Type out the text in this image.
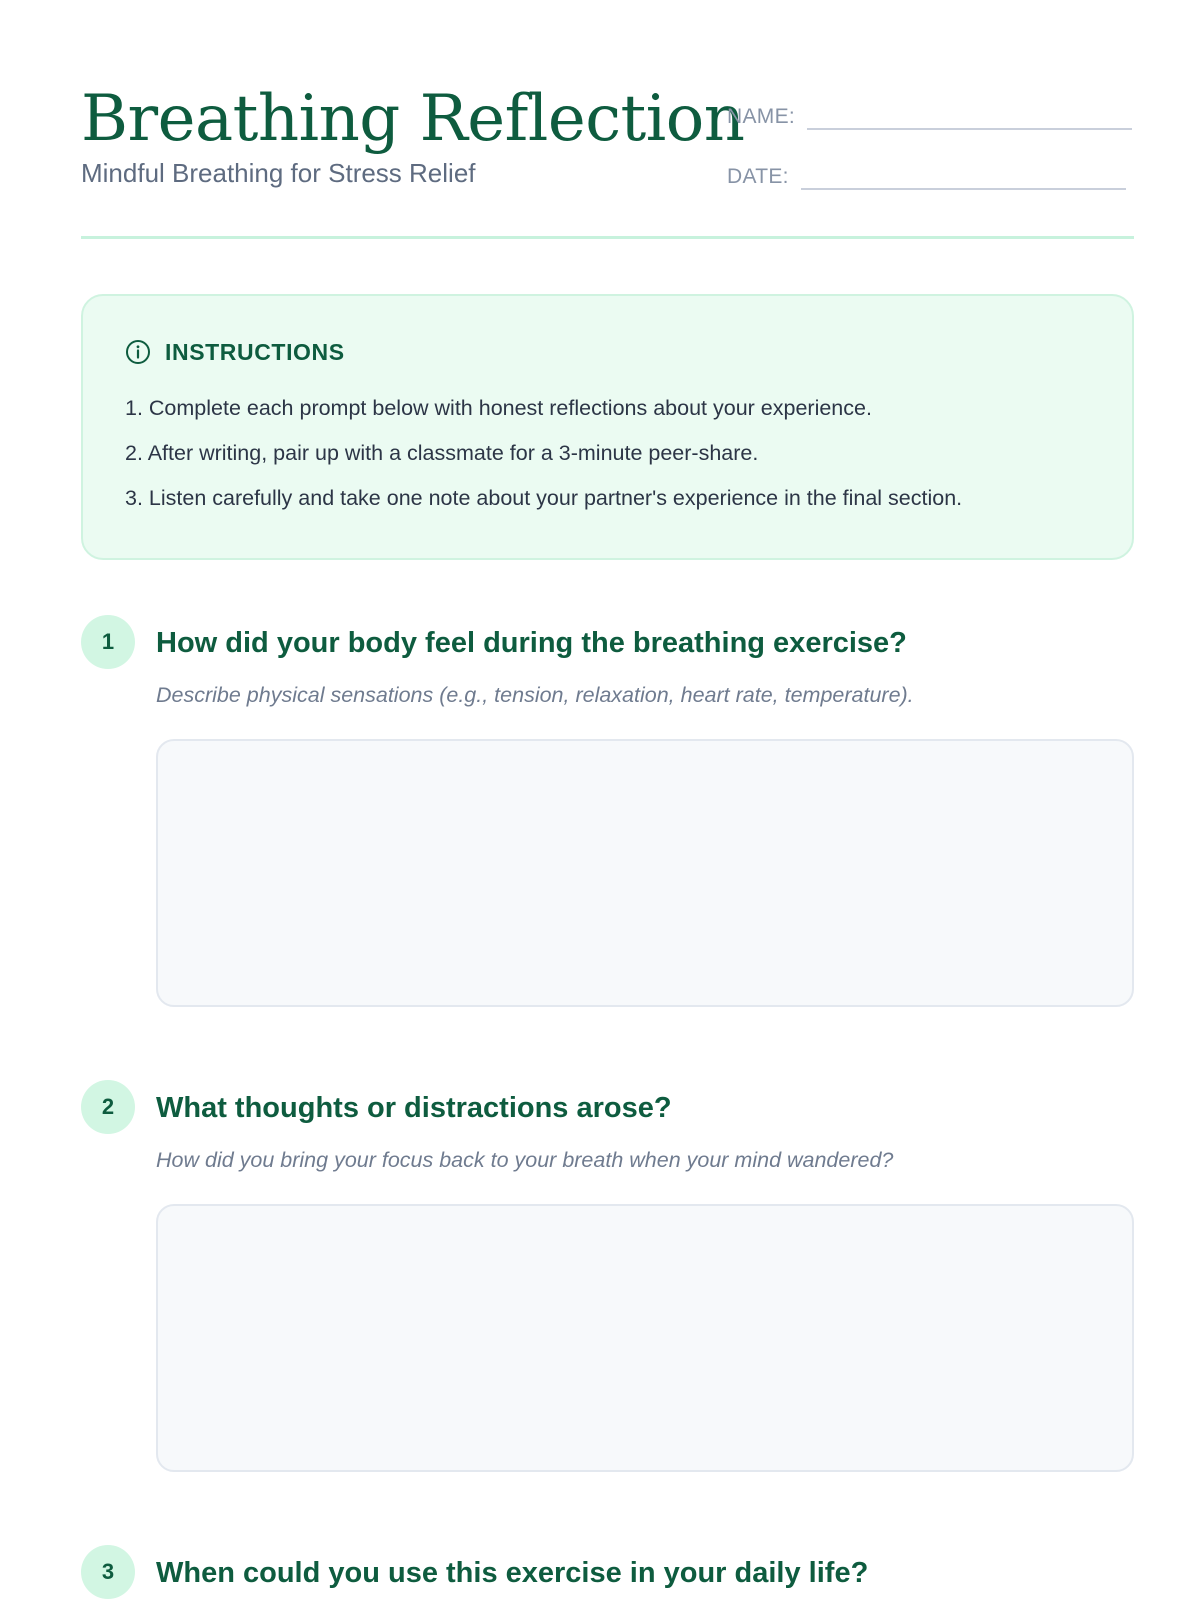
Breathing Reflection
Mindful Breathing for Stress Relief
NAME:
DATE:
INSTRUCTIONS
1. Complete each prompt below with honest reflections about your experience.
2. After writing, pair up with a classmate for a 3-minute peer-share.
3. Listen carefully and take one note about your partner's experience in the final section.
1	How did your body feel during the breathing exercise?
Describe physical sensations (e.g., tension, relaxation, heart rate, temperature).
2	What thoughts or distractions arose?
How did you bring your focus back to your breath when your mind wandered?
3	When could you use this exercise in your daily life?
